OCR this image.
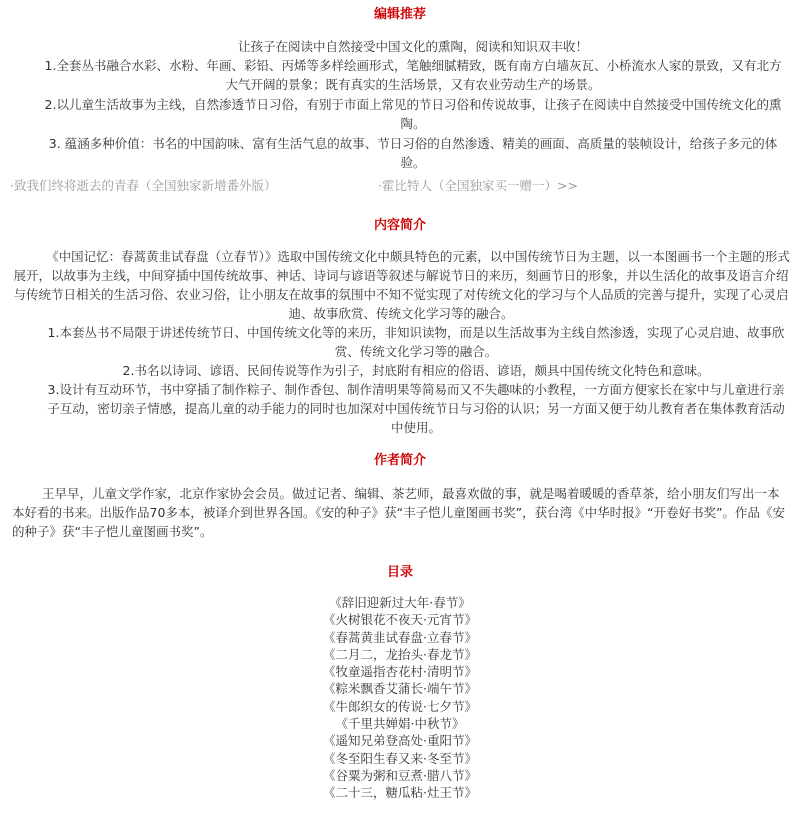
编辑推荐

让孩子在阅读中自然接受中国文化的熏陶，阅读和知识双丰收！

1.全套丛书融合水彩、水粉、年画、彩铅、丙烯等多样绘画形式，笔触细腻精致，既有南方白墙灰瓦、小桥流水人家的景致，又有北方大气开阔的景象；既有真实的生活场景，又有农业劳动生产的场景。

2.以儿童生活故事为主线，自然渗透节日习俗，有别于市面上常见的节日习俗和传说故事，让孩子在阅读中自然接受中国传统文化的熏陶。

3. 蕴涵多种价值：书名的中国韵味、富有生活气息的故事、节日习俗的自然渗透、精美的画面、高质量的装帧设计，给孩子多元的体验。

·致我们终将逝去的青春（全国独家新增番外版）	·霍比特人（全国独家买一赠一）>>
内容简介

《中国记忆：春蒿黄韭试春盘（立春节）》选取中国传统文化中颇具特色的元素，以中国传统节日为主题，以一本图画书一个主题的形式展开，以故事为主线，中间穿插中国传统故事、神话、诗词与谚语等叙述与解说节日的来历，刻画节日的形象，并以生活化的故事及语言介绍与传统节日相关的生活习俗、农业习俗，让小朋友在故事的氛围中不知不觉实现了对传统文化的学习与个人品质的完善与提升，实现了心灵启迪、故事欣赏、传统文化学习等的融合。

1.本套丛书不局限于讲述传统节日、中国传统文化等的来历，非知识读物，而是以生活故事为主线自然渗透，实现了心灵启迪、故事欣赏、传统文化学习等的融合。

2.书名以诗词、谚语、民间传说等作为引子，封底附有相应的俗语、谚语，颇具中国传统文化特色和意味。

3.设计有互动环节，书中穿插了制作粽子、制作香包、制作清明果等简易而又不失趣味的小教程，一方面方便家长在家中与儿童进行亲子互动，密切亲子情感，提高儿童的动手能力的同时也加深对中国传统节日与习俗的认识；另一方面又便于幼儿教育者在集体教育活动中使用。

作者简介

王早早，儿童文学作家，北京作家协会会员。做过记者、编辑、茶艺师，最喜欢做的事，就是喝着暖暖的香草茶，给小朋友们写出一本本好看的书来。出版作品70多本，被译介到世界各国。《安的种子》获“丰子恺儿童图画书奖”，获台湾《中华时报》“开卷好书奖”。作品《安的种子》获“丰子恺儿童图画书奖”。

目录
《辞旧迎新过大年·春节》
《火树银花不夜天·元宵节》
《春蒿黄韭试春盘·立春节》
《二月二，龙抬头·春龙节》
《牧童遥指杏花村·清明节》
《粽米飘香艾蒲长·端午节》
《牛郎织女的传说·七夕节》
《千里共婵娟·中秋节》
《遥知兄弟登高处·重阳节》
《冬至阳生春又来·冬至节》
《谷粟为粥和豆煮·腊八节》
《二十三，糖瓜粘·灶王节》
